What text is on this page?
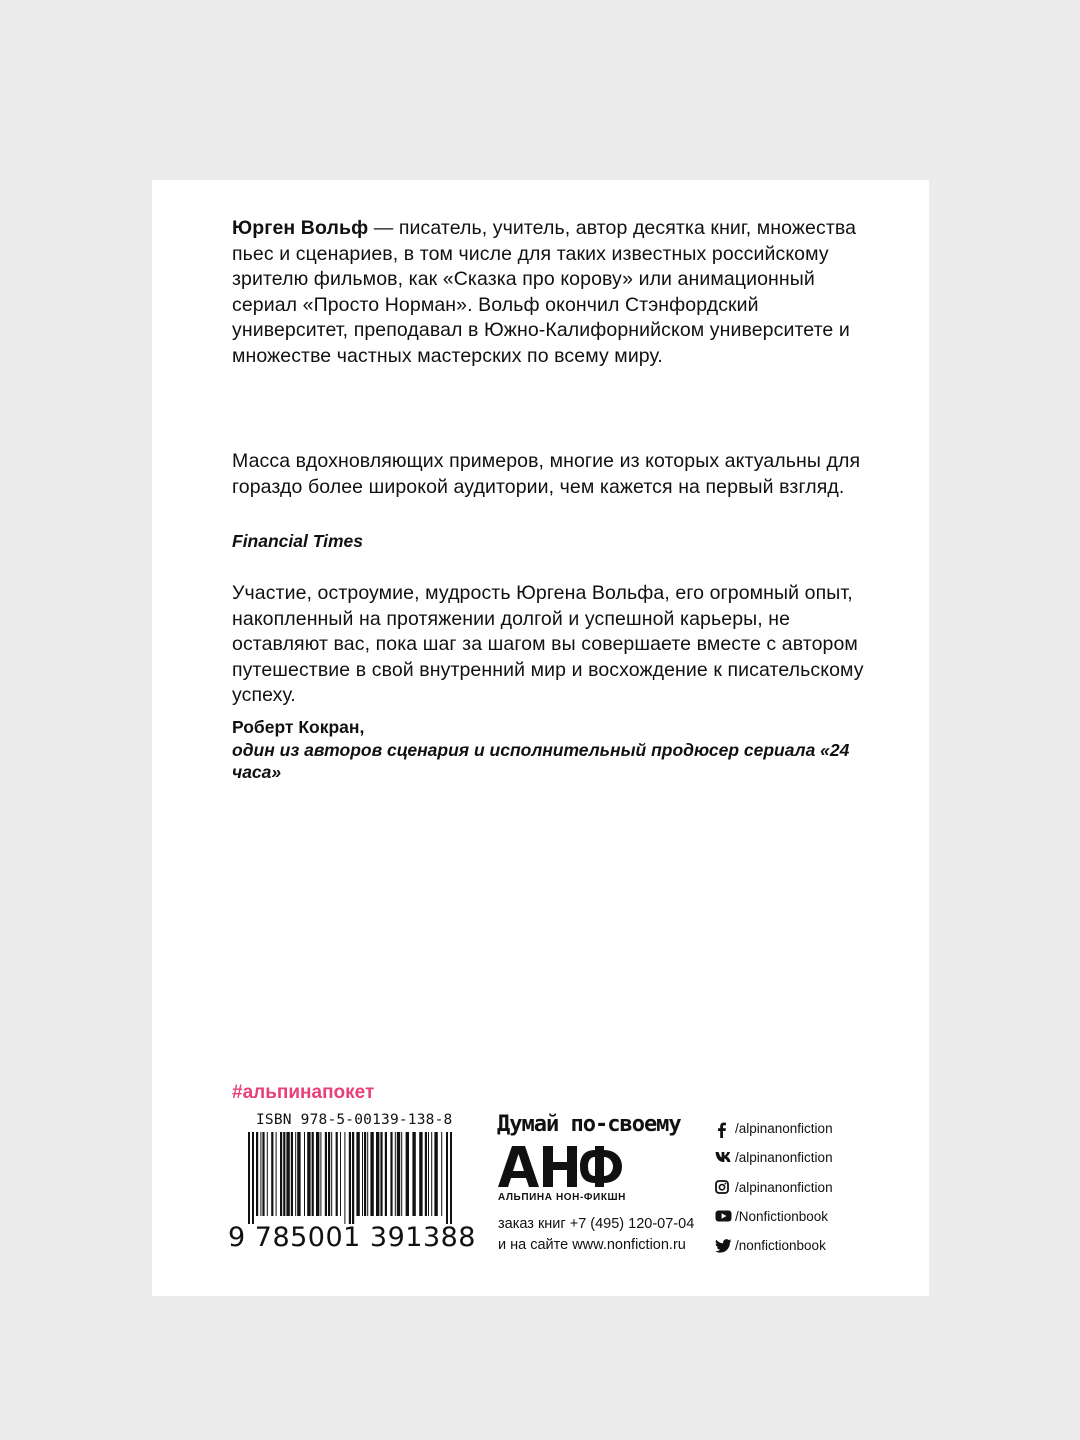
Юрген Вольф — писатель, учитель, автор десятка книг, множества пьес и сценариев, в том числе для таких известных российскому зрителю фильмов, как «Сказка про корову» или анимационный сериал «Просто Норман». Вольф окончил Стэнфордский университет, преподавал в Южно-Калифорнийском университете и множестве частных мастерских по всему миру.

Масса вдохновляющих примеров, многие из которых актуальны для гораздо более широкой аудитории, чем кажется на первый взгляд.

Financial Times

Участие, остроумие, мудрость Юргена Вольфа, его огромный опыт, накопленный на протяжении долгой и успешной карьеры, не оставляют вас, пока шаг за шагом вы совершаете вместе с автором путешествие в свой внутренний мир и восхождение к писательскому успеху.

Роберт Кокран,
один из авторов сценария и исполнительный продюсер сериала «24 часа»

#альпинапокет
ISBN 978-5-00139-138-8
9 785001 391388
Думай по-своему
АЛЬПИНА НОН-ФИКШН
заказ книг +7 (495) 120-07-04
и на сайте www.nonfiction.ru
/alpinanonfiction
/alpinanonfiction
/alpinanonfiction
/Nonfictionbook
/nonfictionbook
